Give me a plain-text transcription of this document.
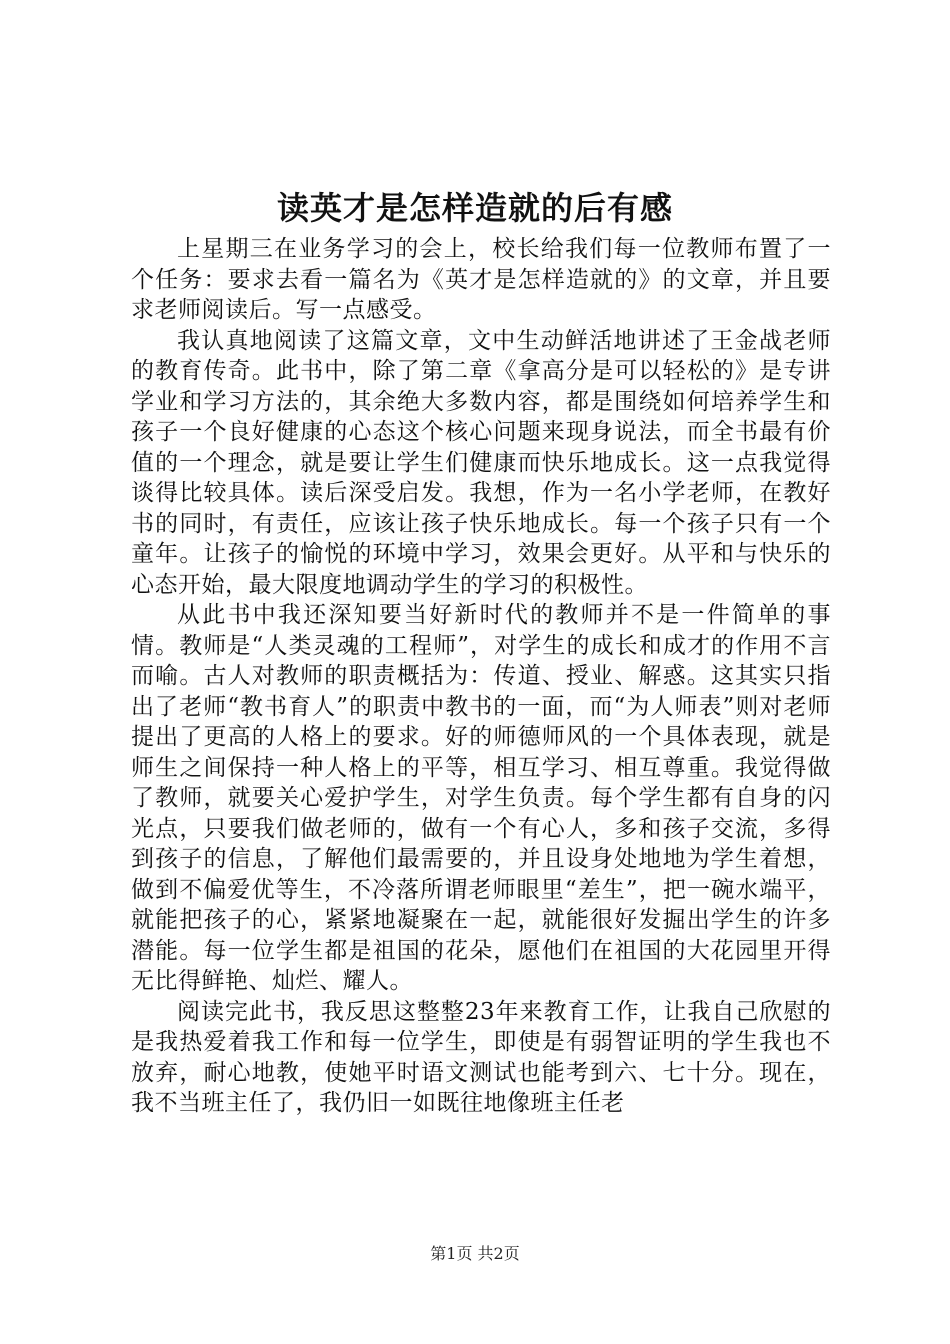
读英才是怎样造就的后有感

上星期三在业务学习的会上，校长给我们每一位教师布置了一个任务：要求去看一篇名为《英才是怎样造就的》的文章，并且要求老师阅读后。写一点感受。

我认真地阅读了这篇文章，文中生动鲜活地讲述了王金战老师的教育传奇。此书中，除了第二章《拿高分是可以轻松的》是专讲学业和学习方法的，其余绝大多数内容，都是围绕如何培养学生和孩子一个良好健康的心态这个核心问题来现身说法，而全书最有价值的一个理念，就是要让学生们健康而快乐地成长。这一点我觉得谈得比较具体。读后深受启发。我想，作为一名小学老师，在教好书的同时，有责任，应该让孩子快乐地成长。每一个孩子只有一个童年。让孩子的愉悦的环境中学习，效果会更好。从平和与快乐的心态开始，最大限度地调动学生的学习的积极性。

从此书中我还深知要当好新时代的教师并不是一件简单的事情。教师是“人类灵魂的工程师”，对学生的成长和成才的作用不言而喻。古人对教师的职责概括为：传道、授业、解惑。这其实只指出了老师“教书育人”的职责中教书的一面，而“为人师表”则对老师提出了更高的人格上的要求。好的师德师风的一个具体表现，就是师生之间保持一种人格上的平等，相互学习、相互尊重。我觉得做了教师，就要关心爱护学生，对学生负责。每个学生都有自身的闪光点，只要我们做老师的，做有一个有心人，多和孩子交流，多得到孩子的信息，了解他们最需要的，并且设身处地地为学生着想，做到不偏爱优等生，不冷落所谓老师眼里“差生”，把一碗水端平，就能把孩子的心，紧紧地凝聚在一起，就能很好发掘出学生的许多潜能。每一位学生都是祖国的花朵，愿他们在祖国的大花园里开得无比得鲜艳、灿烂、耀人。

阅读完此书，我反思这整整23年来教育工作，让我自己欣慰的是我热爱着我工作和每一位学生，即使是有弱智证明的学生我也不放弃，耐心地教，使她平时语文测试也能考到六、七十分。现在，我不当班主任了，我仍旧一如既往地像班主任老

第1页 共2页
